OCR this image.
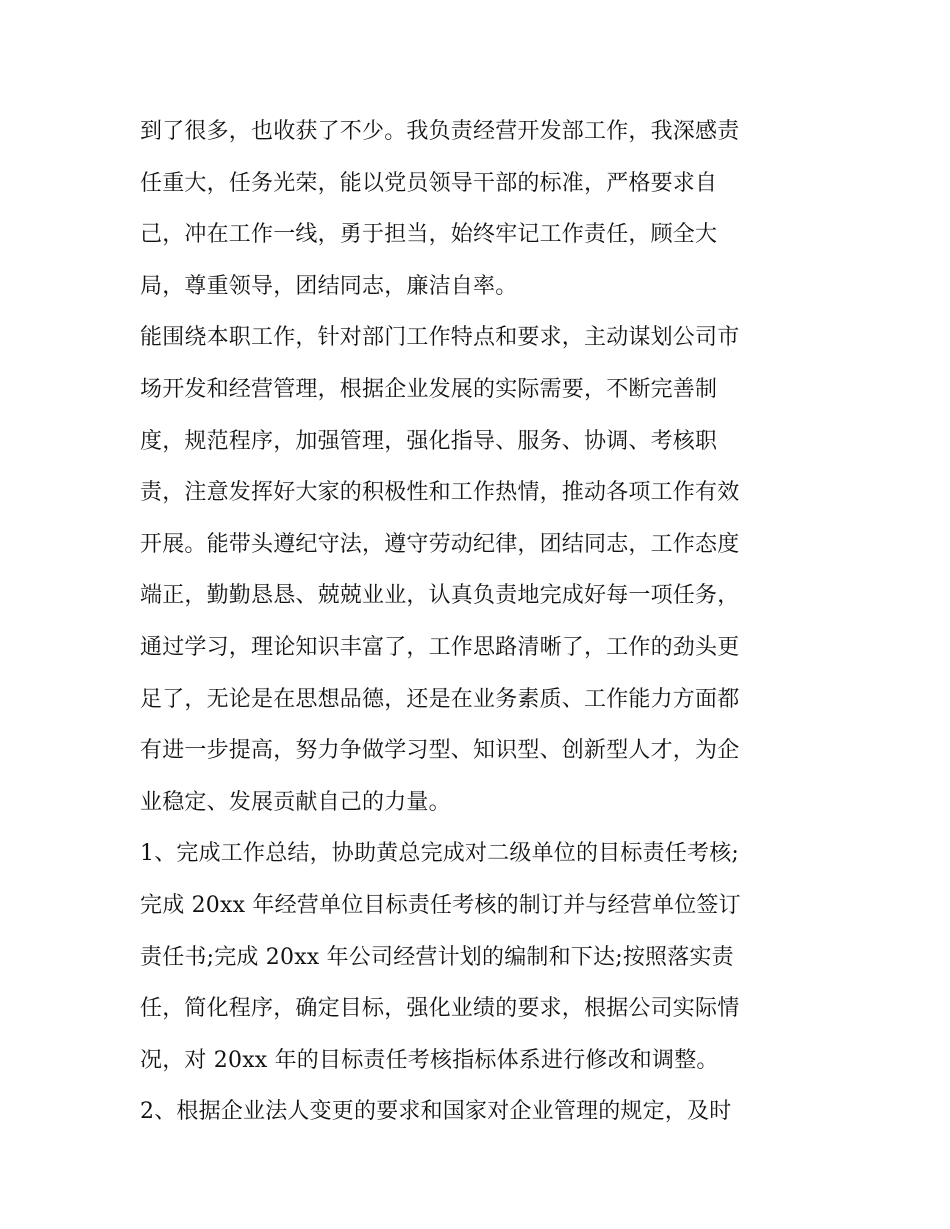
到了很多，也收获了不少。我负责经营开发部工作，我深感责
任重大，任务光荣，能以党员领导干部的标准，严格要求自
己，冲在工作一线，勇于担当，始终牢记工作责任，顾全大
局，尊重领导，团结同志，廉洁自率。
能围绕本职工作，针对部门工作特点和要求，主动谋划公司市
场开发和经营管理，根据企业发展的实际需要，不断完善制
度，规范程序，加强管理，强化指导、服务、协调、考核职
责，注意发挥好大家的积极性和工作热情，推动各项工作有效
开展。能带头遵纪守法，遵守劳动纪律，团结同志，工作态度
端正，勤勤恳恳、兢兢业业，认真负责地完成好每一项任务，
通过学习，理论知识丰富了，工作思路清晰了，工作的劲头更
足了，无论是在思想品德，还是在业务素质、工作能力方面都
有进一步提高，努力争做学习型、知识型、创新型人才，为企
业稳定、发展贡献自己的力量。
1、完成工作总结，协助黄总完成对二级单位的目标责任考核;
完成 20xx 年经营单位目标责任考核的制订并与经营单位签订
责任书;完成 20xx 年公司经营计划的编制和下达;按照落实责
任，简化程序，确定目标，强化业绩的要求，根据公司实际情
况，对 20xx 年的目标责任考核指标体系进行修改和调整。
2、根据企业法人变更的要求和国家对企业管理的规定，及时
